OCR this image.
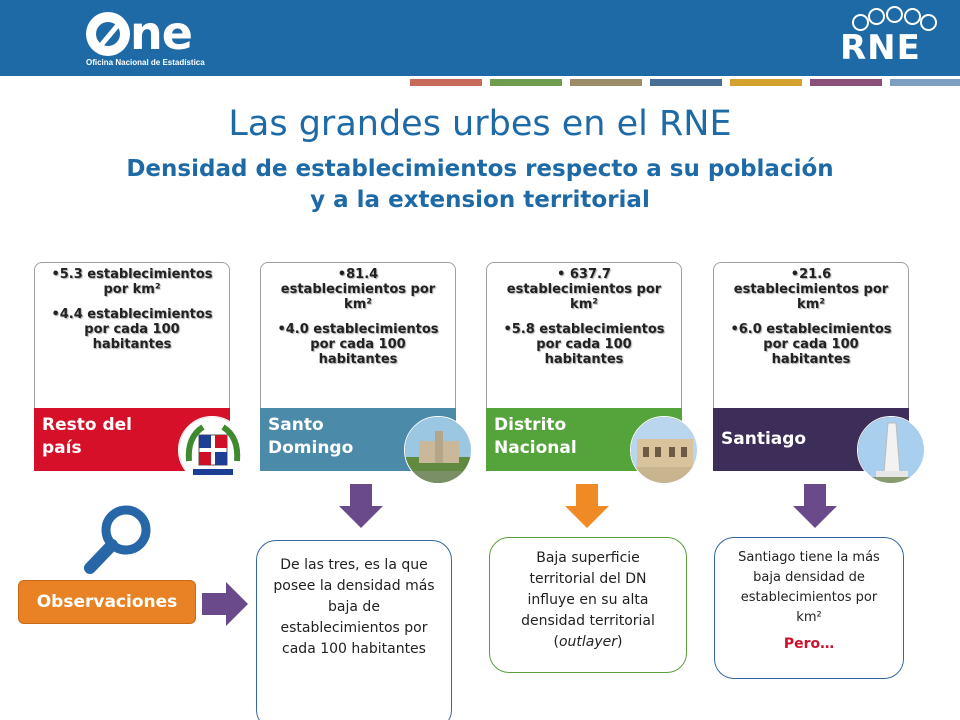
ne
Oficina Nacional de Estadística	RNE
Las grandes urbes en el RNE
Densidad de establecimientos respecto a su población
y a la extension territorial
•5.3 establecimientos por km²
•4.4 establecimientos por cada 100 habitantes
Resto del país
•81.4 establecimientos por km²
•4.0 establecimientos por cada 100 habitantes
Santo Domingo
• 637.7 establecimientos por km²
•5.8 establecimientos por cada 100 habitantes
Distrito Nacional
•21.6 establecimientos por km²
•6.0 establecimientos por cada 100 habitantes
Santiago
Observaciones
De las tres, es la que posee la densidad más baja de establecimientos por cada 100 habitantes
Baja superficie territorial del DN influye en su alta densidad territorial (outlayer)
Santiago tiene la más baja densidad de establecimientos por km²
Pero…
